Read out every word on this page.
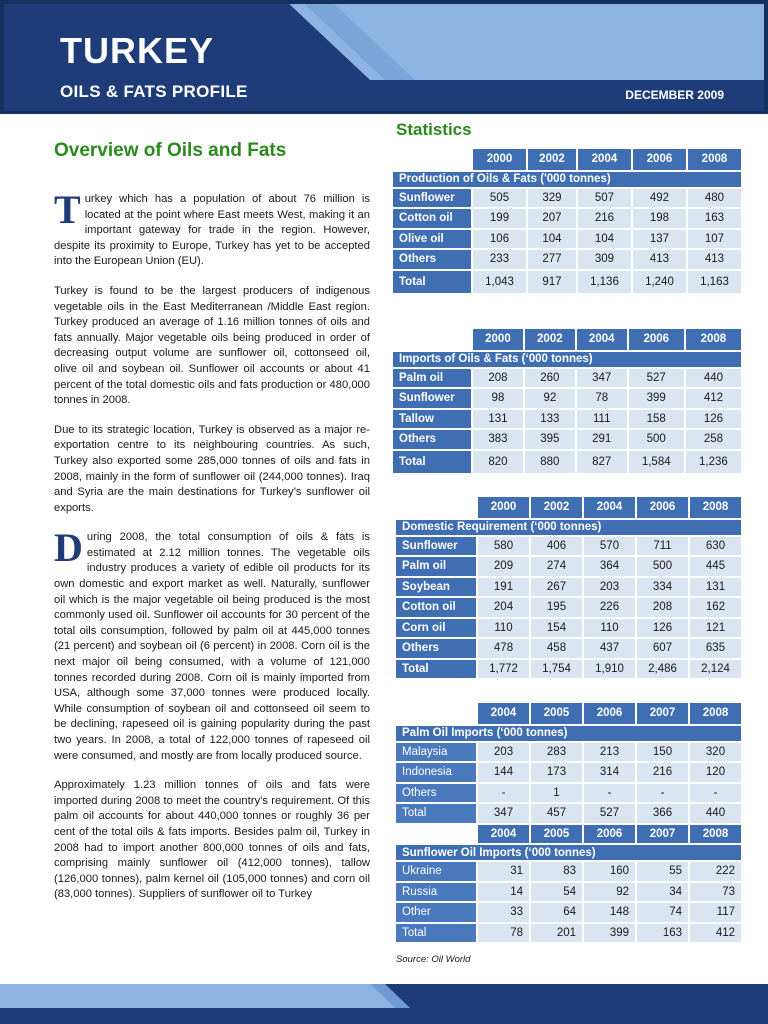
TURKEY
OILS & FATS PROFILE	DECEMBER 2009
Overview of Oils and Fats

Turkey which has a population of about 76 million is located at the point where East meets West, making it an important gateway for trade in the region. However, despite its proximity to Europe, Turkey has yet to be accepted into the European Union (EU).

Turkey is found to be the largest producers of indigenous vegetable oils in the East Mediterranean /Middle East region. Turkey produced an average of 1.16 million tonnes of oils and fats annually. Major vegetable oils being produced in order of decreasing output volume are sunflower oil, cottonseed oil, olive oil and soybean oil. Sunflower oil accounts or about 41 percent of the total domestic oils and fats production or 480,000 tonnes in 2008.

Due to its strategic location, Turkey is observed as a major re-exportation centre to its neighbouring countries. As such, Turkey also exported some 285,000 tonnes of oils and fats in 2008, mainly in the form of sunflower oil (244,000 tonnes). Iraq and Syria are the main destinations for Turkey’s sunflower oil exports.

During 2008, the total consumption of oils & fats is estimated at 2.12 million tonnes. The vegetable oils industry produces a variety of edible oil products for its own domestic and export market as well. Naturally, sunflower oil which is the major vegetable oil being produced is the most commonly used oil. Sunflower oil accounts for 30 percent of the total oils consumption, followed by palm oil at 445,000 tonnes (21 percent) and soybean oil (6 percent) in 2008. Corn oil is the next major oil being consumed, with a volume of 121,000 tonnes recorded during 2008. Corn oil is mainly imported from USA, although some 37,000 tonnes were produced locally. While consumption of soybean oil and cottonseed oil seem to be declining, rapeseed oil is gaining popularity during the past two years. In 2008, a total of 122,000 tonnes of rapeseed oil were consumed, and mostly are from locally produced source.

Approximately 1.23 million tonnes of oils and fats were imported during 2008 to meet the country’s requirement. Of this palm oil accounts for about 440,000 tonnes or roughly 36 per cent of the total oils & fats imports. Besides palm oil, Turkey in 2008 had to import another 800,000 tonnes of oils and fats, comprising mainly sunflower oil (412,000 tonnes), tallow (126,000 tonnes), palm kernel oil (105,000 tonnes) and corn oil (83,000 tonnes). Suppliers of sunflower oil to Turkey

Statistics
	2000	2002	2004	2006	2008
Production of Oils & Fats ('000 tonnes)					
Sunflower	505	329	507	492	480
Cotton oil	199	207	216	198	163
Olive oil	106	104	104	137	107
Others	233	277	309	413	413
Total	1,043	917	1,136	1,240	1,163
	2000	2002	2004	2006	2008
Imports of Oils & Fats (‘000 tonnes)					
Palm oil	208	260	347	527	440
Sunflower	98	92	78	399	412
Tallow	131	133	111	158	126
Others	383	395	291	500	258
Total	820	880	827	1,584	1,236
	2000	2002	2004	2006	2008
Domestic Requirement (‘000 tonnes)					
Sunflower	580	406	570	711	630
Palm oil	209	274	364	500	445
Soybean	191	267	203	334	131
Cotton oil	204	195	226	208	162
Corn oil	110	154	110	126	121
Others	478	458	437	607	635
Total	1,772	1,754	1,910	2,486	2,124
	2004	2005	2006	2007	2008
Palm Oil Imports (‘000 tonnes)					
Malaysia	203	283	213	150	320
Indonesia	144	173	314	216	120
Others	-	1	-	-	-
Total	347	457	527	366	440
	2004	2005	2006	2007	2008
Sunflower Oil Imports (‘000 tonnes)					
Ukraine	31	83	160	55	222
Russia	14	54	92	34	73
Other	33	64	148	74	117
Total	78	201	399	163	412
Source: Oil World
